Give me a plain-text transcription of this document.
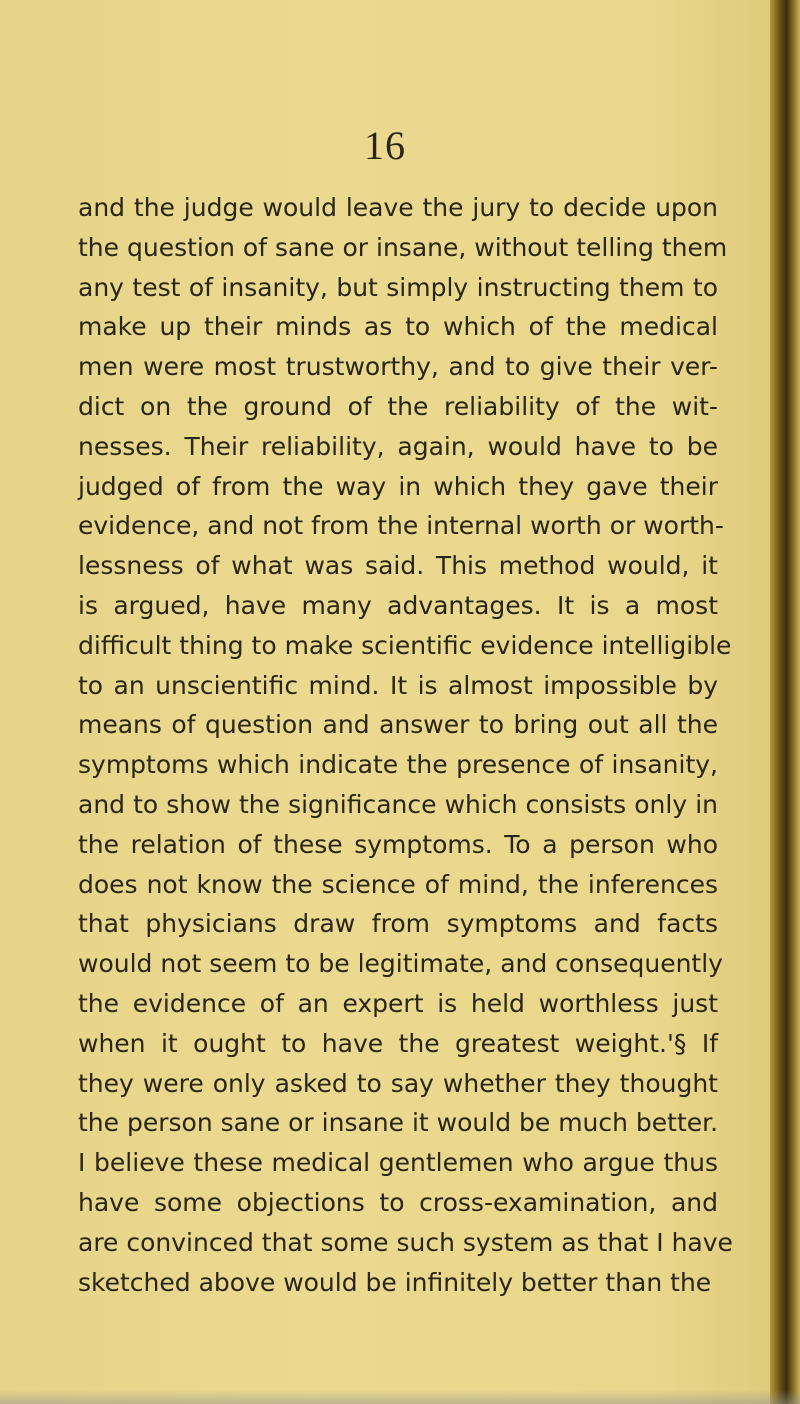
16
and the judge would leave the jury to decide upon
the question of sane or insane, without telling them
any test of insanity, but simply instructing them to
make up their minds as to which of the medical
men were most trustworthy, and to give their ver-
dict on the ground of the reliability of the wit-
nesses. Their reliability, again, would have to be
judged of from the way in which they gave their
evidence, and not from the internal worth or worth-
lessness of what was said. This method would, it
is argued, have many advantages. It is a most
difficult thing to make scientific evidence intelligible
to an unscientific mind. It is almost impossible by
means of question and answer to bring out all the
symptoms which indicate the presence of insanity,
and to show the significance which consists only in
the relation of these symptoms. To a person who
does not know the science of mind, the inferences
that physicians draw from symptoms and facts
would not seem to be legitimate, and consequently
the evidence of an expert is held worthless just
when it ought to have the greatest weight.'§ If
they were only asked to say whether they thought
the person sane or insane it would be much better.
I believe these medical gentlemen who argue thus
have some objections to cross-examination, and
are convinced that some such system as that I have
sketched above would be infinitely better than the
